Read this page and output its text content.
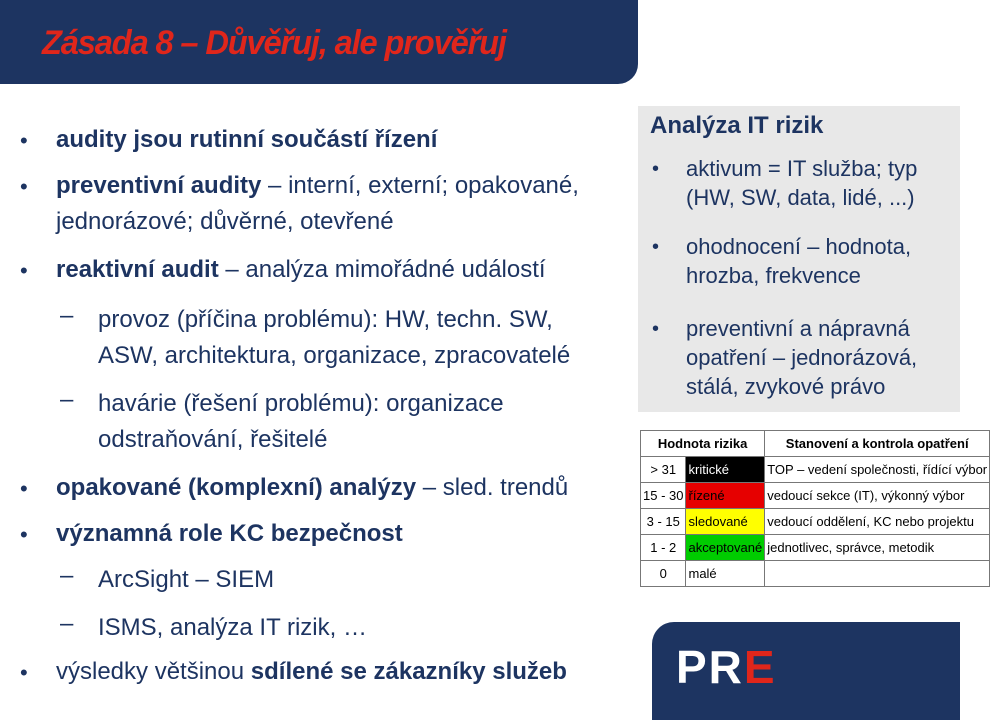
Zásada 8 – Důvěřuj, ale prověřuj
• audity jsou rutinní součástí řízení
• preventivní audity – interní, externí; opakované,
jednorázové; důvěrné, otevřené
• reaktivní audit – analýza mimořádné událostí
– provoz (příčina problému): HW, techn. SW,
ASW, architektura, organizace, zpracovatelé
– havárie (řešení problému): organizace
odstraňování, řešitelé
• opakované (komplexní) analýzy – sled. trendů
• významná role KC bezpečnost
– ArcSight – SIEM
– ISMS, analýza IT rizik, …
• výsledky většinou sdílené se zákazníky služeb
Analýza IT rizik
• aktivum = IT služba; typ
(HW, SW, data, lidé, ...)
• ohodnocení – hodnota,
hrozba, frekvence
• preventivní a nápravná
opatření – jednorázová,
stálá, zvykové právo
Hodnota rizika		Stanovení a kontrola opatření
> 31	kritické	TOP – vedení společnosti, řídící výbor
15 - 30	řízené	vedoucí sekce (IT), výkonný výbor
3 - 15	sledované	vedoucí oddělení, KC nebo projektu
1 - 2	akceptované	jednotlivec, správce, metodik
0	malé	
PRE
